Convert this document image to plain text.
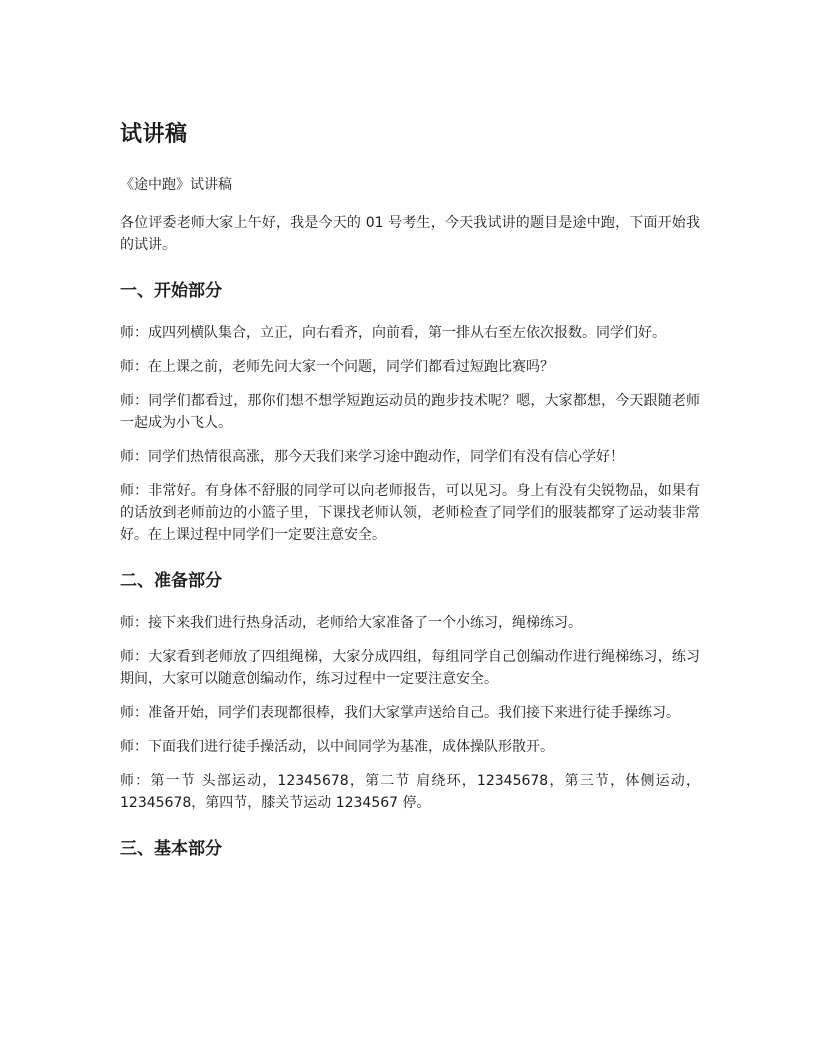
试讲稿
《途中跑》试讲稿

各位评委老师大家上午好，我是今天的 01 号考生，今天我试讲的题目是途中跑，下面开始我的试讲。

一、开始部分

师：成四列横队集合，立正，向右看齐，向前看，第一排从右至左依次报数。同学们好。

师：在上课之前，老师先问大家一个问题，同学们都看过短跑比赛吗？

师：同学们都看过，那你们想不想学短跑运动员的跑步技术呢？嗯，大家都想，今天跟随老师一起成为小飞人。

师：同学们热情很高涨，那今天我们来学习途中跑动作，同学们有没有信心学好！

师：非常好。有身体不舒服的同学可以向老师报告，可以见习。身上有没有尖锐物品，如果有的话放到老师前边的小篮子里，下课找老师认领，老师检查了同学们的服装都穿了运动装非常好。在上课过程中同学们一定要注意安全。

二、准备部分

师：接下来我们进行热身活动，老师给大家准备了一个小练习，绳梯练习。

师：大家看到老师放了四组绳梯，大家分成四组，每组同学自己创编动作进行绳梯练习，练习期间，大家可以随意创编动作，练习过程中一定要注意安全。

师：准备开始，同学们表现都很棒，我们大家掌声送给自己。我们接下来进行徒手操练习。

师：下面我们进行徒手操活动，以中间同学为基准，成体操队形散开。

师：第一节 头部运动，12345678，第二节 肩绕环，12345678，第三节，体侧运动，12345678，第四节，膝关节运动 1234567 停。

三、基本部分
